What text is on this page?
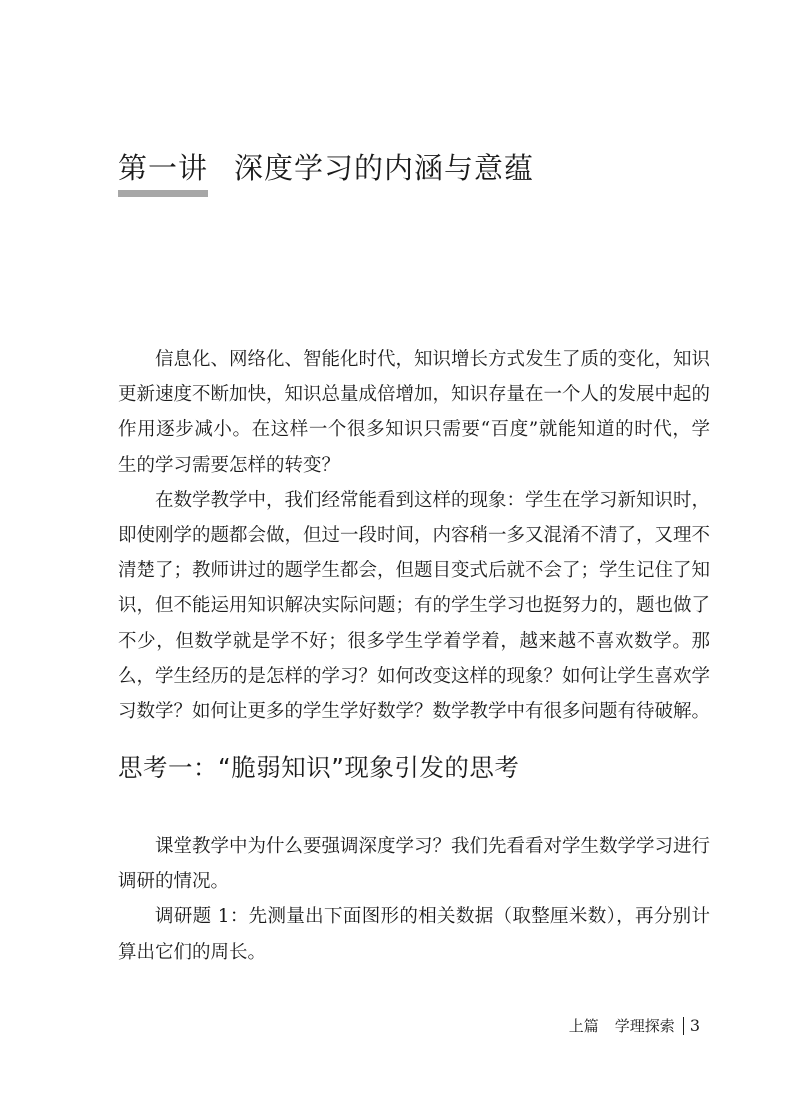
第一讲 深度学习的内涵与意蕴

信息化、网络化、智能化时代，知识增长方式发生了质的变化，知识更新速度不断加快，知识总量成倍增加，知识存量在一个人的发展中起的作用逐步减小。在这样一个很多知识只需要“百度”就能知道的时代，学生的学习需要怎样的转变？

在数学教学中，我们经常能看到这样的现象：学生在学习新知识时，即使刚学的题都会做，但过一段时间，内容稍一多又混淆不清了，又理不清楚了；教师讲过的题学生都会，但题目变式后就不会了；学生记住了知识，但不能运用知识解决实际问题；有的学生学习也挺努力的，题也做了不少，但数学就是学不好；很多学生学着学着，越来越不喜欢数学。那么，学生经历的是怎样的学习？如何改变这样的现象？如何让学生喜欢学习数学？如何让更多的学生学好数学？数学教学中有很多问题有待破解。

思考一：“脆弱知识”现象引发的思考

课堂教学中为什么要强调深度学习？我们先看看对学生数学学习进行调研的情况。

调研题 1：先测量出下面图形的相关数据（取整厘米数），再分别计算出它们的周长。

上篇 学理探索 3
